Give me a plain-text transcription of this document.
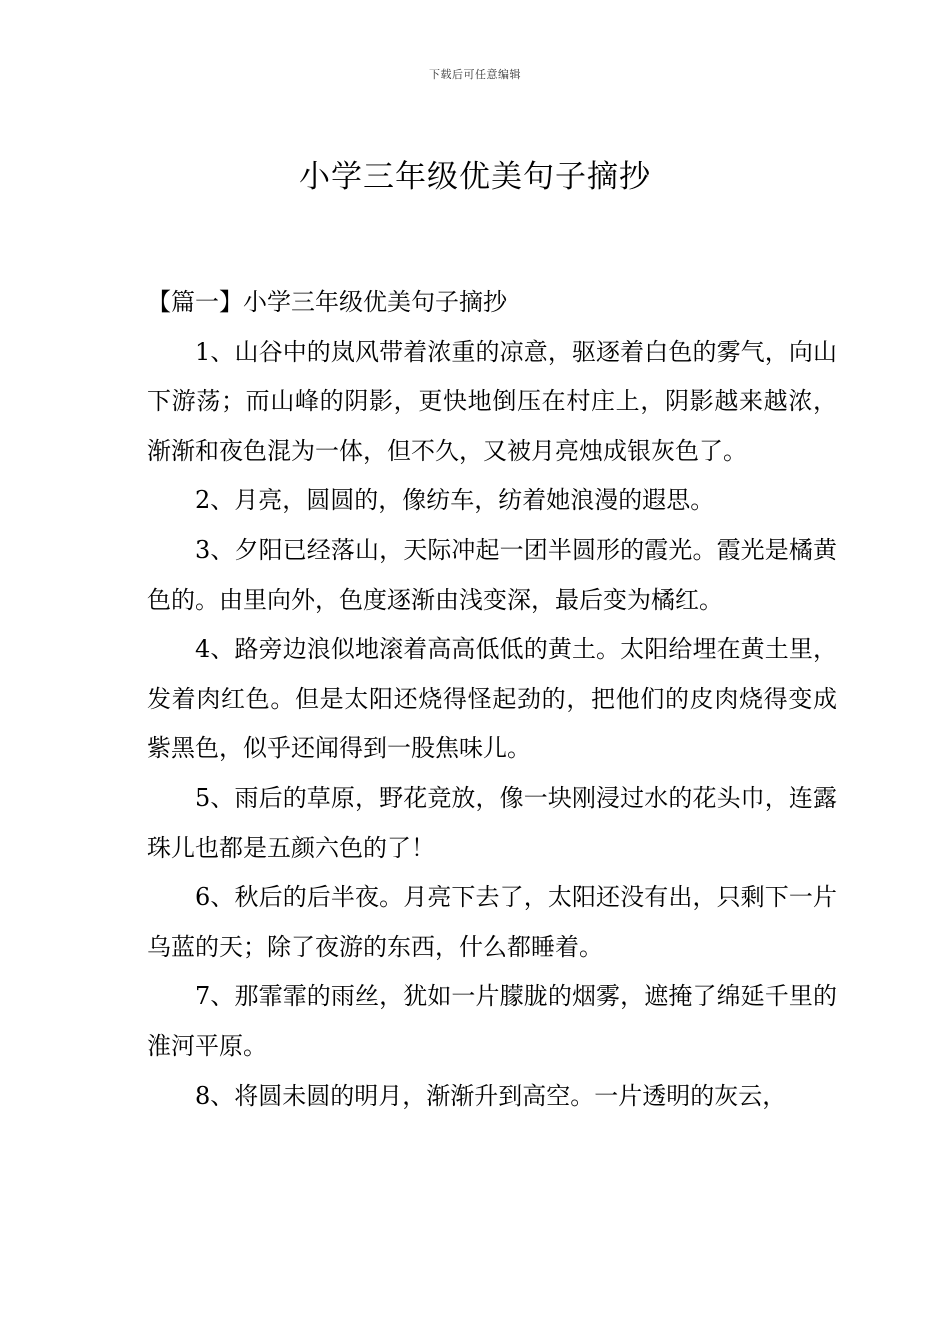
下载后可任意编辑
小学三年级优美句子摘抄

【篇一】小学三年级优美句子摘抄

1、山谷中的岚风带着浓重的凉意，驱逐着白色的雾气，向山下游荡；而山峰的阴影，更快地倒压在村庄上，阴影越来越浓，渐渐和夜色混为一体，但不久，又被月亮烛成银灰色了。

2、月亮，圆圆的，像纺车，纺着她浪漫的遐思。

3、夕阳已经落山，天际冲起一团半圆形的霞光。霞光是橘黄色的。由里向外，色度逐渐由浅变深，最后变为橘红。

4、路旁边浪似地滚着高高低低的黄土。太阳给埋在黄土里，发着肉红色。但是太阳还烧得怪起劲的，把他们的皮肉烧得变成紫黑色，似乎还闻得到一股焦味儿。

5、雨后的草原，野花竞放，像一块刚浸过水的花头巾，连露珠儿也都是五颜六色的了！

6、秋后的后半夜。月亮下去了，太阳还没有出，只剩下一片乌蓝的天；除了夜游的东西，什么都睡着。

7、那霏霏的雨丝，犹如一片朦胧的烟雾，遮掩了绵延千里的淮河平原。

8、将圆未圆的明月，渐渐升到高空。一片透明的灰云，
